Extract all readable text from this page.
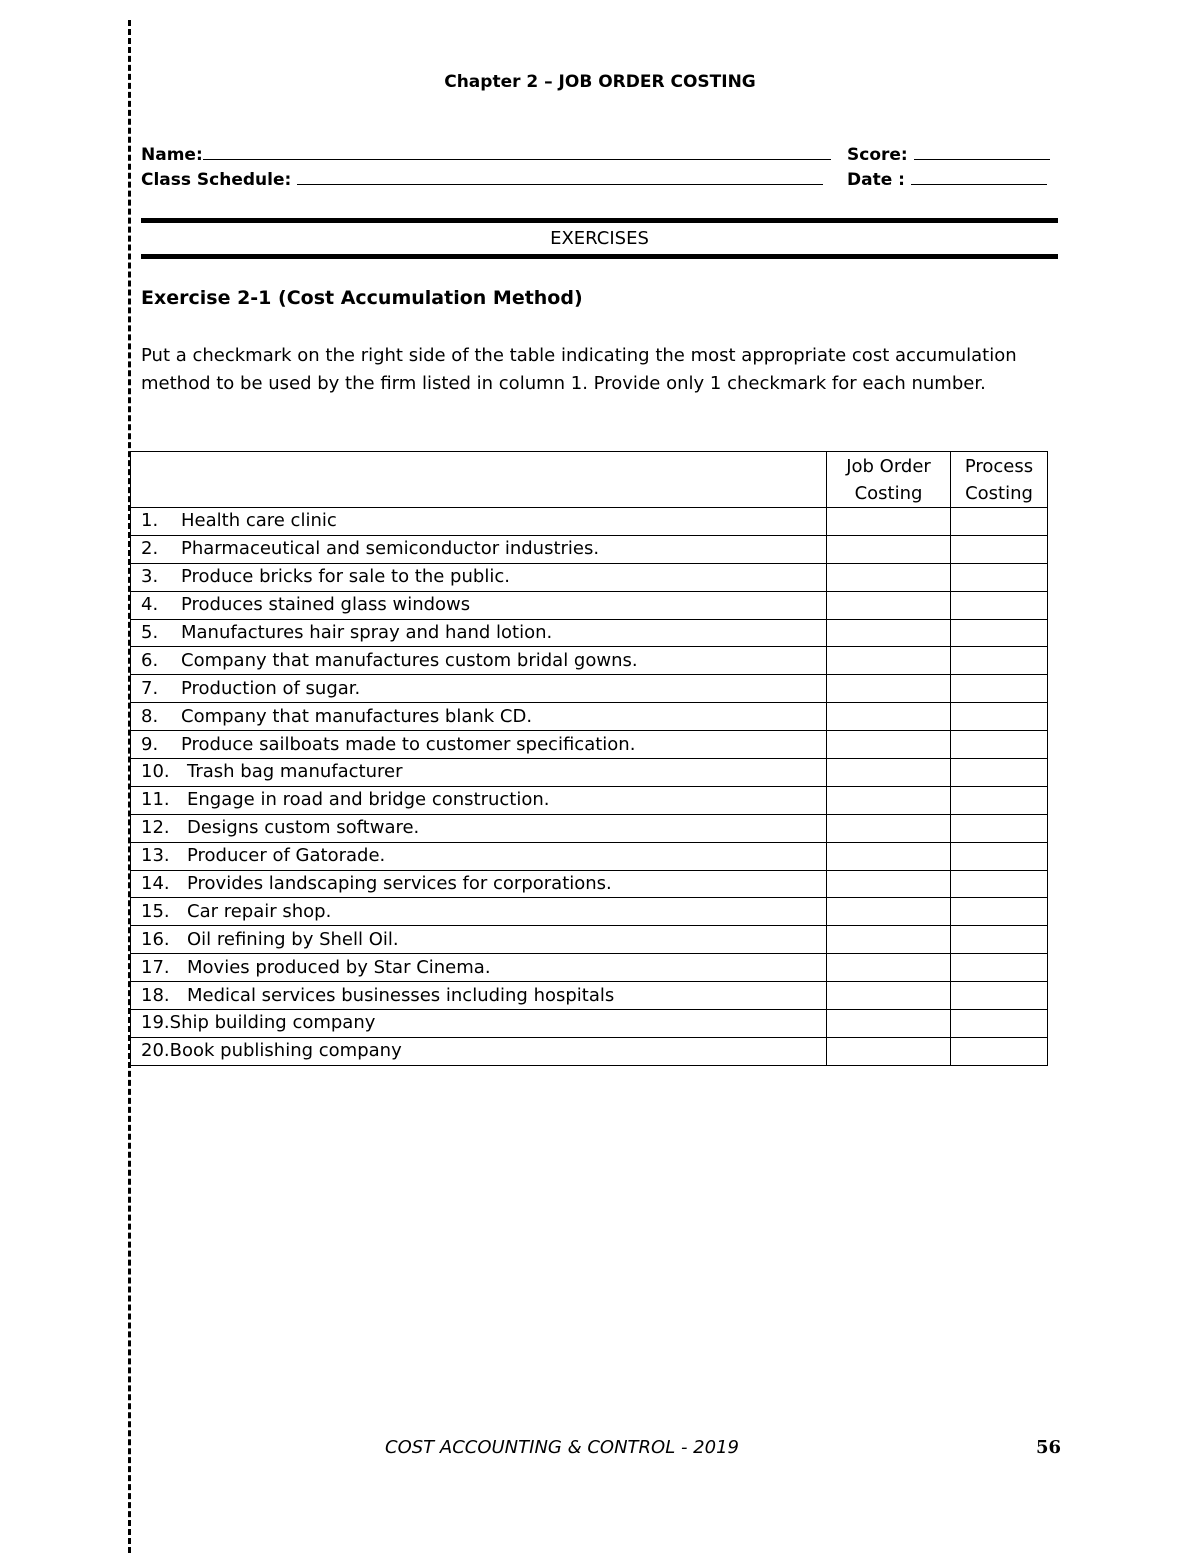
Chapter 2 – JOB ORDER COSTING
Name:	Score:
Class Schedule:	Date :
EXERCISES
Exercise 2-1 (Cost Accumulation Method)
Put a checkmark on the right side of the table indicating the most appropriate cost accumulation method to be used by the firm listed in column 1. Provide only 1 checkmark for each number.
	Job Order Costing	Process Costing
1. Health care clinic		
2. Pharmaceutical and semiconductor industries.		
3. Produce bricks for sale to the public.		
4. Produces stained glass windows		
5. Manufactures hair spray and hand lotion.		
6. Company that manufactures custom bridal gowns.		
7. Production of sugar.		
8. Company that manufactures blank CD.		
9. Produce sailboats made to customer specification.		
10. Trash bag manufacturer		
11. Engage in road and bridge construction.		
12. Designs custom software.		
13. Producer of Gatorade.		
14. Provides landscaping services for corporations.		
15. Car repair shop.		
16. Oil refining by Shell Oil.		
17. Movies produced by Star Cinema.		
18. Medical services businesses including hospitals		
19.Ship building company		
20.Book publishing company		
COST ACCOUNTING & CONTROL - 2019	56
